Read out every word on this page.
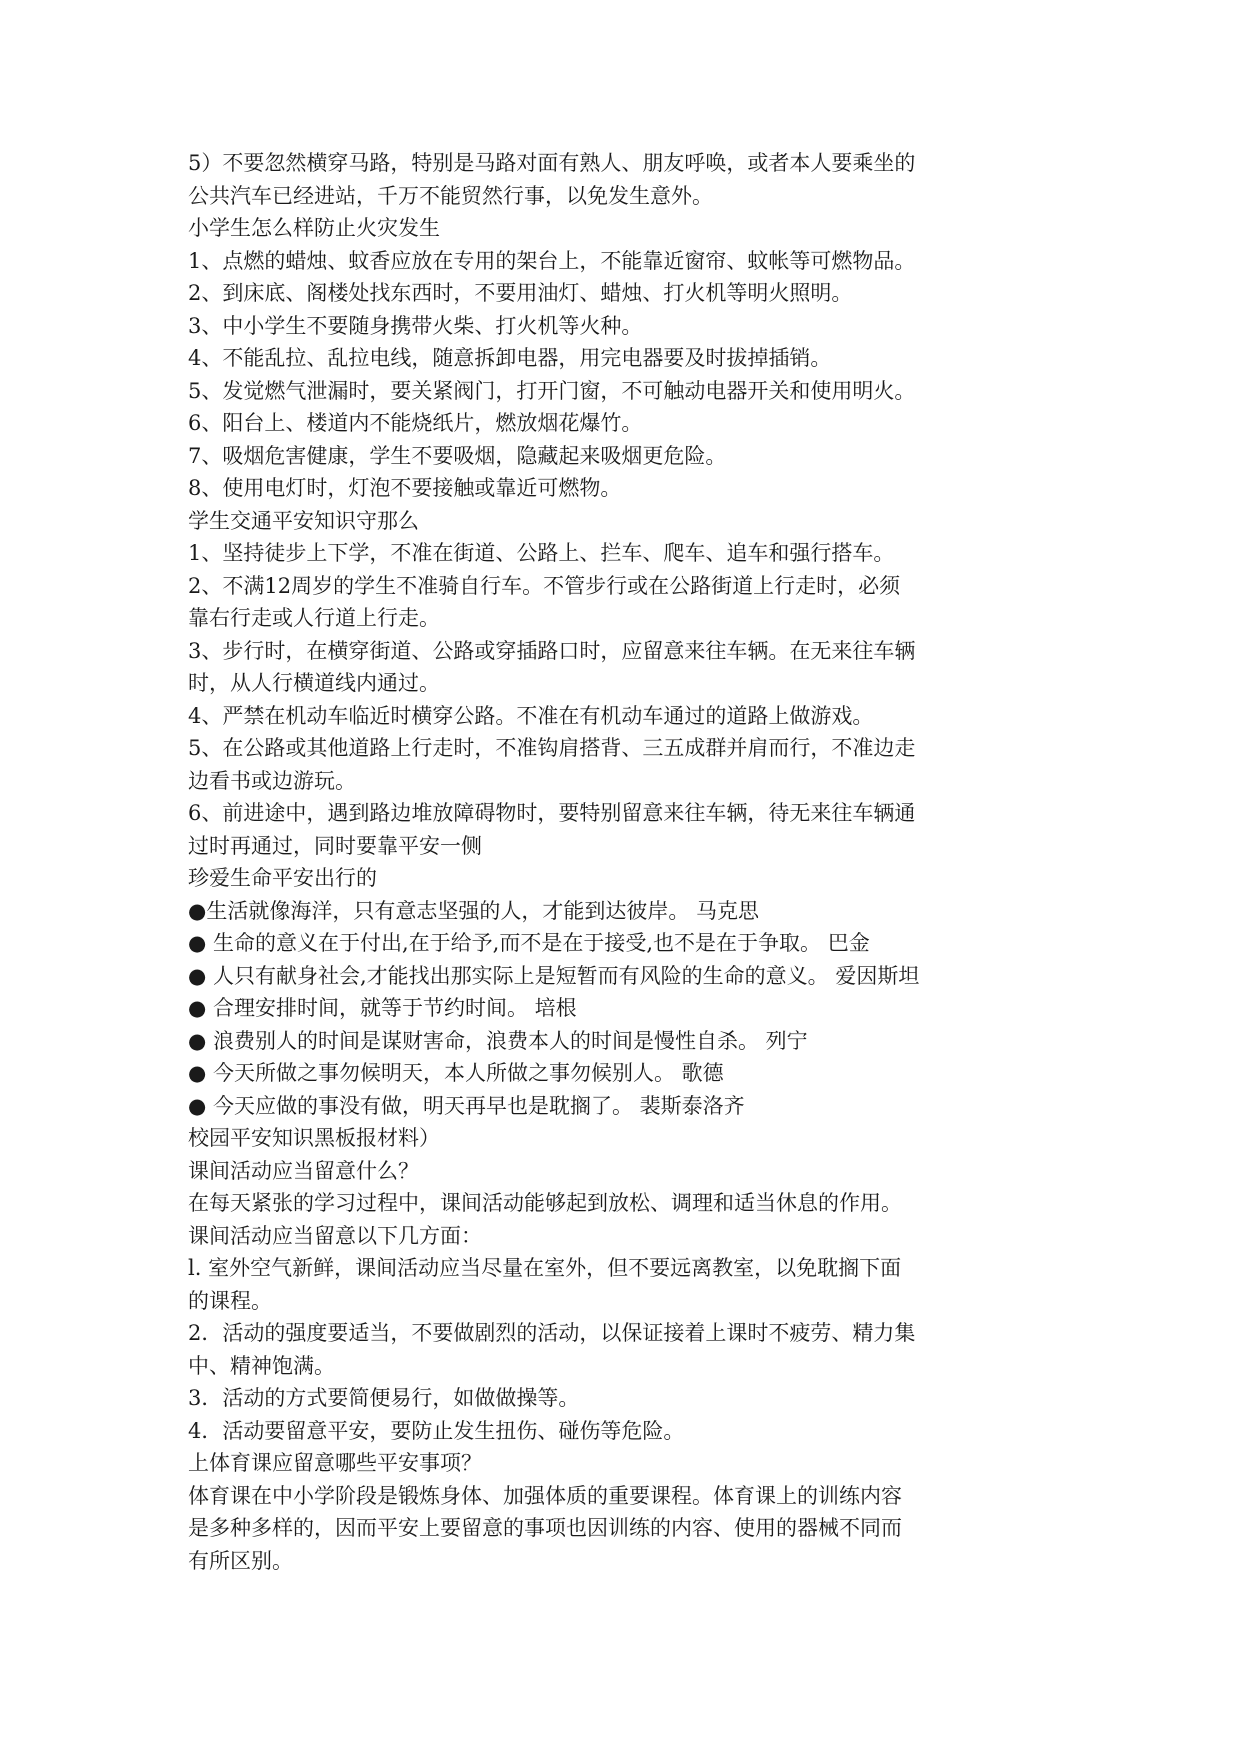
5）不要忽然横穿马路，特别是马路对面有熟人、朋友呼唤，或者本人要乘坐的
公共汽车已经进站，千万不能贸然行事，以免发生意外。
小学生怎么样防止火灾发生
1、点燃的蜡烛、蚊香应放在专用的架台上，不能靠近窗帘、蚊帐等可燃物品。
2、到床底、阁楼处找东西时，不要用油灯、蜡烛、打火机等明火照明。
3、中小学生不要随身携带火柴、打火机等火种。
4、不能乱拉、乱拉电线，随意拆卸电器，用完电器要及时拔掉插销。
5、发觉燃气泄漏时，要关紧阀门，打开门窗，不可触动电器开关和使用明火。
6、阳台上、楼道内不能烧纸片，燃放烟花爆竹。
7、吸烟危害健康，学生不要吸烟，隐藏起来吸烟更危险。
8、使用电灯时，灯泡不要接触或靠近可燃物。
学生交通平安知识守那么
1、坚持徒步上下学，不准在街道、公路上、拦车、爬车、追车和强行搭车。
2、不满12周岁的学生不准骑自行车。不管步行或在公路街道上行走时，必须
靠右行走或人行道上行走。
3、步行时，在横穿街道、公路或穿插路口时，应留意来往车辆。在无来往车辆
时，从人行横道线内通过。
4、严禁在机动车临近时横穿公路。不准在有机动车通过的道路上做游戏。
5、在公路或其他道路上行走时，不准钩肩搭背、三五成群并肩而行，不准边走
边看书或边游玩。
6、前进途中，遇到路边堆放障碍物时，要特别留意来往车辆，待无来往车辆通
过时再通过，同时要靠平安一侧
珍爱生命平安出行的
●生活就像海洋，只有意志坚强的人，才能到达彼岸。 马克思
● 生命的意义在于付出,在于给予,而不是在于接受,也不是在于争取。 巴金
● 人只有献身社会,才能找出那实际上是短暂而有风险的生命的意义。 爱因斯坦
● 合理安排时间，就等于节约时间。 培根
● 浪费别人的时间是谋财害命，浪费本人的时间是慢性自杀。 列宁
● 今天所做之事勿候明天，本人所做之事勿候别人。 歌德
● 今天应做的事没有做，明天再早也是耽搁了。 裴斯泰洛齐
校园平安知识黑板报材料）
课间活动应当留意什么？
在每天紧张的学习过程中，课间活动能够起到放松、调理和适当休息的作用。
课间活动应当留意以下几方面：
l. 室外空气新鲜，课间活动应当尽量在室外，但不要远离教室，以免耽搁下面
的课程。
2．活动的强度要适当，不要做剧烈的活动，以保证接着上课时不疲劳、精力集
中、精神饱满。
3．活动的方式要简便易行，如做做操等。
4．活动要留意平安，要防止发生扭伤、碰伤等危险。
上体育课应留意哪些平安事项？
体育课在中小学阶段是锻炼身体、加强体质的重要课程。体育课上的训练内容
是多种多样的，因而平安上要留意的事项也因训练的内容、使用的器械不同而
有所区别。
